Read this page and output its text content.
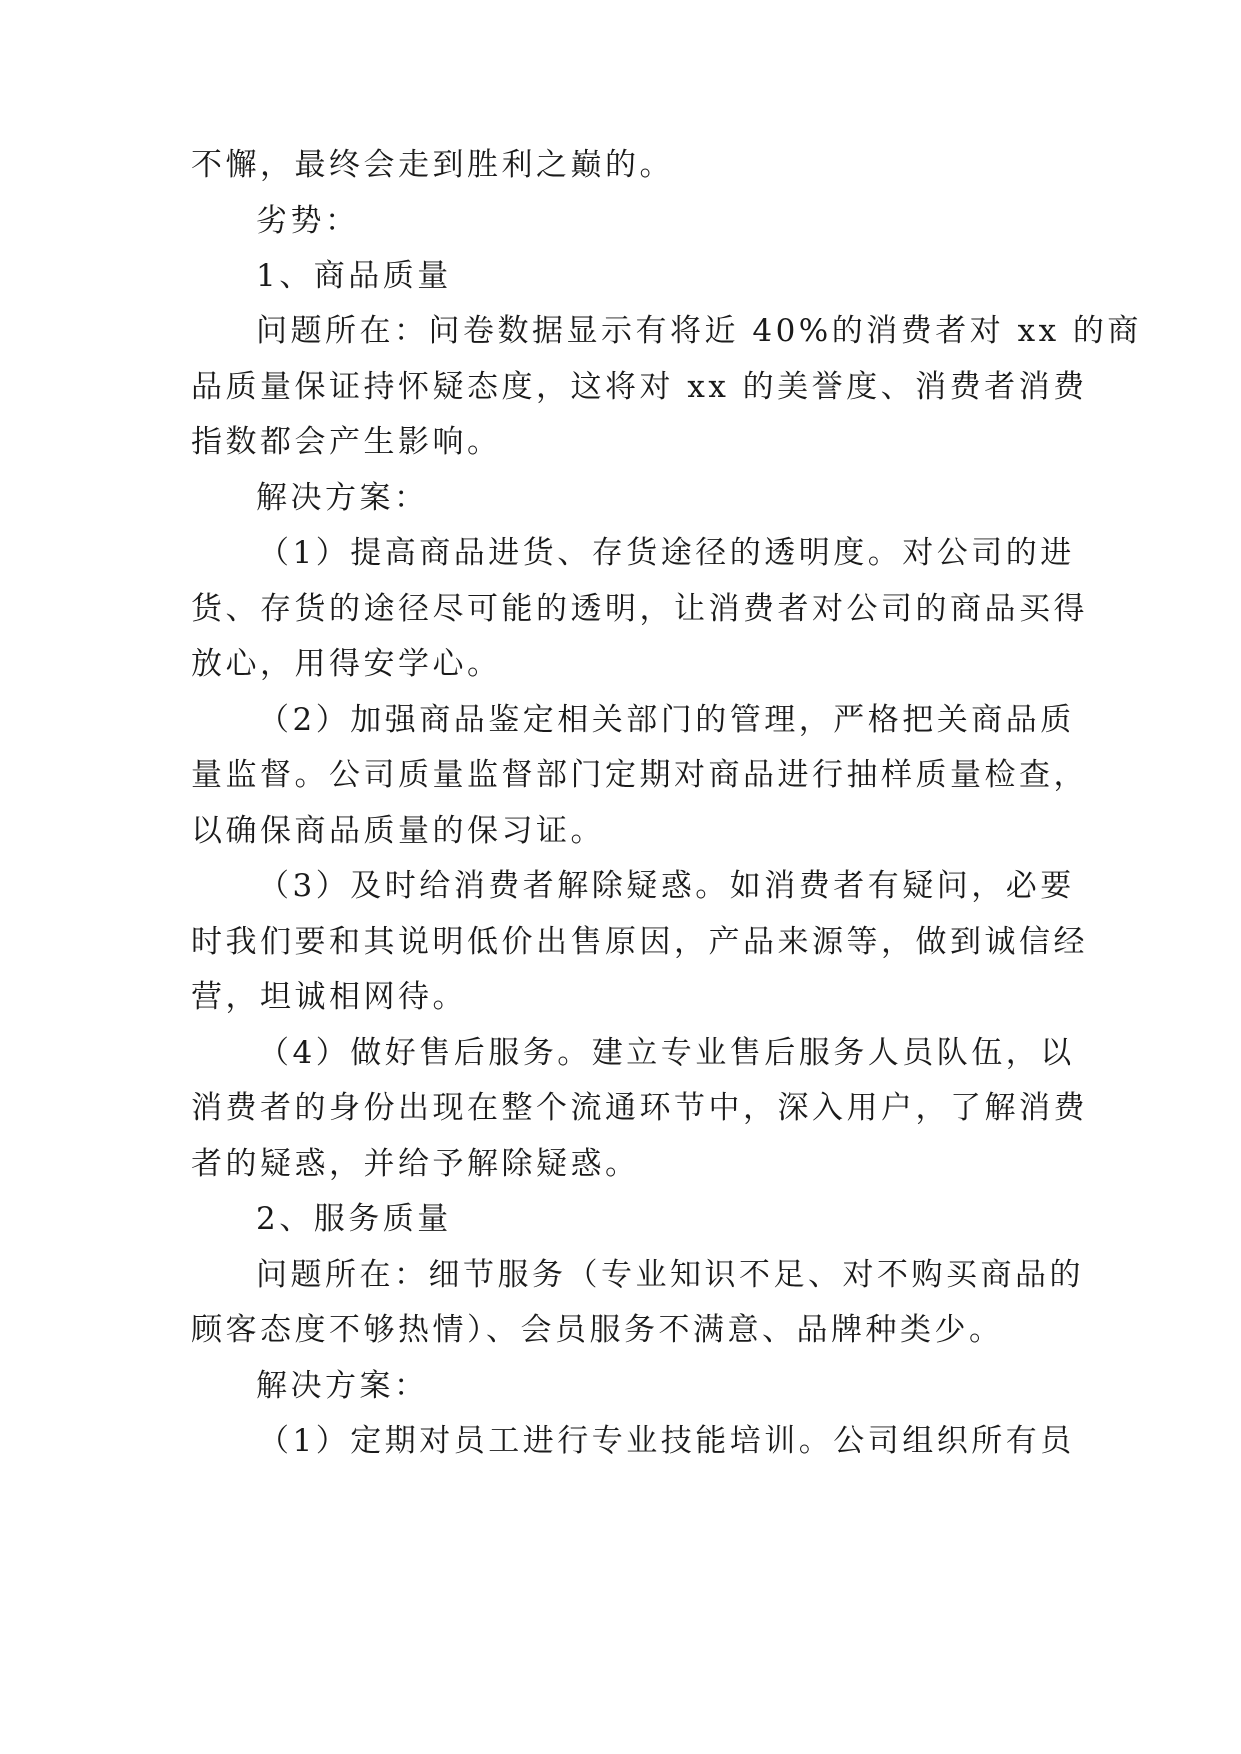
不懈，最终会走到胜利之巅的。
劣势：
1、商品质量
问题所在：问卷数据显示有将近 40%的消费者对 xx 的商
品质量保证持怀疑态度，这将对 xx 的美誉度、消费者消费
指数都会产生影响。
解决方案：
（1）提高商品进货、存货途径的透明度。对公司的进
货、存货的途径尽可能的透明，让消费者对公司的商品买得
放心，用得安学心。
（2）加强商品鉴定相关部门的管理，严格把关商品质
量监督。公司质量监督部门定期对商品进行抽样质量检查，
以确保商品质量的保习证。
（3）及时给消费者解除疑惑。如消费者有疑问，必要
时我们要和其说明低价出售原因，产品来源等，做到诚信经
营，坦诚相网待。
（4）做好售后服务。建立专业售后服务人员队伍，以
消费者的身份出现在整个流通环节中，深入用户，了解消费
者的疑惑，并给予解除疑惑。
2、服务质量
问题所在：细节服务（专业知识不足、对不购买商品的
顾客态度不够热情）、会员服务不满意、品牌种类少。
解决方案：
（1）定期对员工进行专业技能培训。公司组织所有员
